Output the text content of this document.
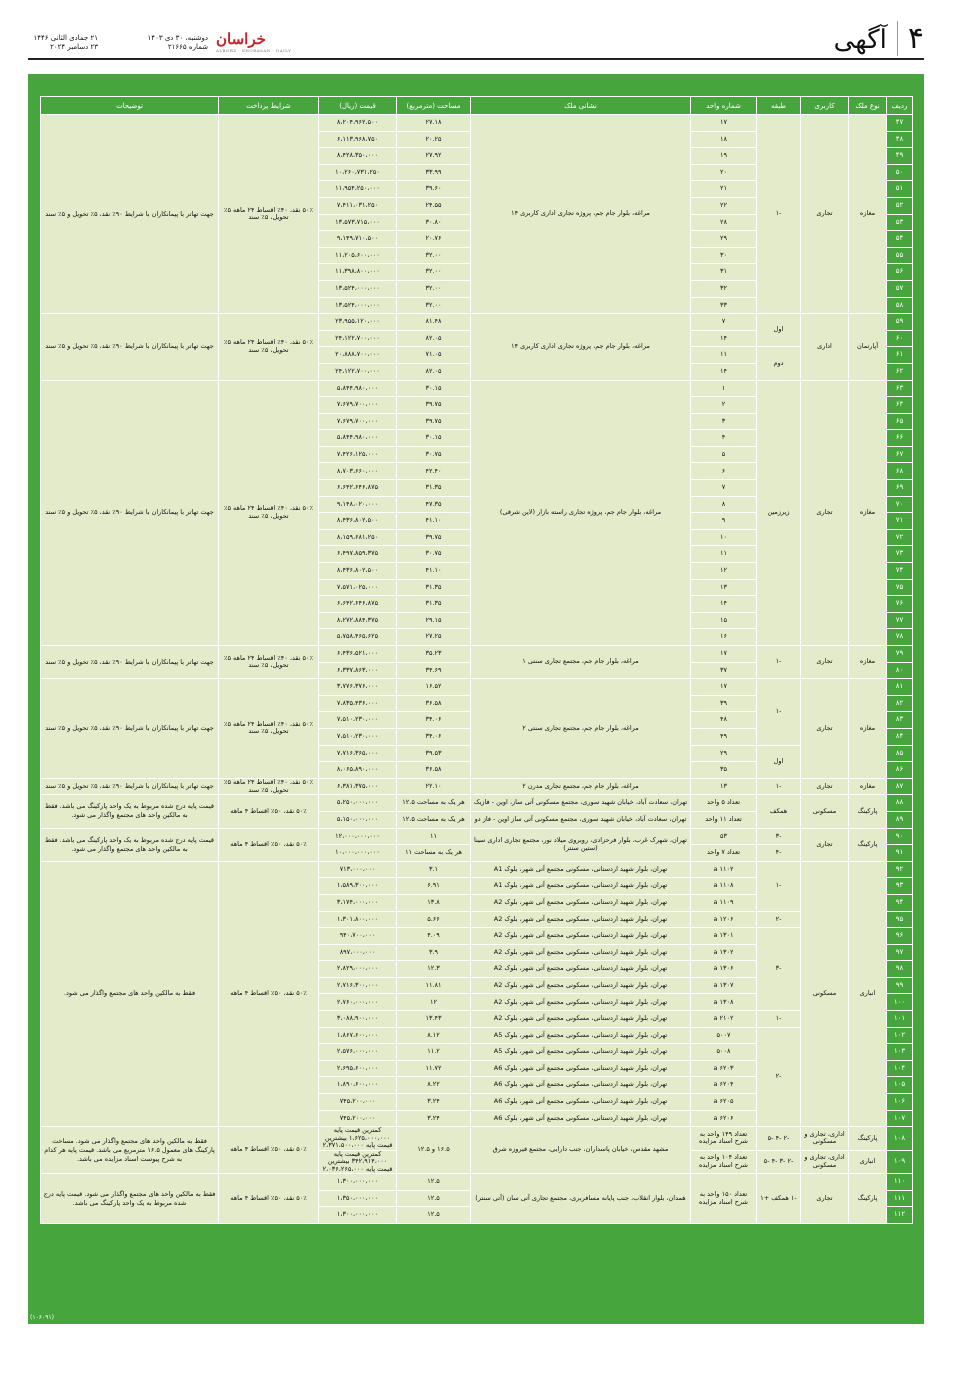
۴آگهی
خراسان
ALBORZ · KHORASAN · DAILY
دوشنبه، ۳۰ دی ۱۴۰۳
شماره ۲۱۶۶۵
۲۱ جمادی الثانی ۱۴۴۶
۲۳ دسامبر ۲۰۲۴
ردیف	نوع ملک	کاربری	طبقه	شماره واحد	نشانی ملک	مساحت (مترمربع)	قیمت (ریال)	شرایط پرداخت	توضیحات
۴۷	مغازه	تجاری	-۱	۱۷	مراغه، بلوار جام جم، پروژه تجاری اداری کاربری ۱۴	۲۷.۱۸	۸،۲۰۴،۹۶۲،۵۰۰	۵۰٪ نقد، ۴۰٪ اقساط ۲۴ ماهه ۵٪ تحویل، ۵٪ سند	جهت تهاتر با پیمانکاران با شرایط ۹۰٪ نقد، ۵٪ تحویل و ۵٪ سند
۴۸				۱۸		۲۰.۲۵	۶،۱۱۳،۹۶۸،۷۵۰		
۴۹				۱۹		۲۷.۹۲	۸،۴۲۸،۳۵۰،۰۰۰		
۵۰				۲۰		۳۳.۹۹	۱۰،۲۶۰،۷۳۱،۲۵۰		
۵۱				۲۱		۳۹.۶۰	۱۱،۹۵۴،۲۵۰،۰۰۰		
۵۲				۲۲		۲۴.۵۵	۷،۴۱۱،۰۳۱،۲۵۰		
۵۳				۲۸		۳۰.۸۰	۱۳،۵۷۳،۷۱۵،۰۰۰		
۵۴				۲۹		۲۰.۷۶	۹،۱۴۹،۷۱۰،۵۰۰		
۵۵				۳۰		۳۲.۰۰	۱۱،۲۰۵،۶۰۰،۰۰۰		
۵۶				۳۱		۳۲.۰۰	۱۱،۳۹۸،۸۰۰،۰۰۰		
۵۷				۳۲		۳۲.۰۰	۱۳،۵۲۴،۰۰۰،۰۰۰		
۵۸				۳۳		۳۲.۰۰	۱۳،۵۲۴،۰۰۰،۰۰۰		
۵۹	آپارتمان	اداری	اول	۷	مراغه، بلوار جام جم، پروژه تجاری اداری کاربری ۱۴	۸۱.۴۸	۲۳،۹۵۵،۱۲۰،۰۰۰	۵۰٪ نقد، ۴۰٪ اقساط ۲۴ ماهه ۵٪ تحویل، ۵٪ سند	جهت تهاتر با پیمانکاران با شرایط ۹۰٪ نقد، ۵٪ تحویل و ۵٪ سند
۶۰				۱۴		۸۲.۰۵	۲۴،۱۲۲،۷۰۰،۰۰۰		
۶۱			دوم	۱۱		۷۱.۰۵	۲۰،۸۸۸،۷۰۰،۰۰۰		
۶۲				۱۴		۸۲.۰۵	۲۴،۱۲۲،۷۰۰،۰۰۰		
۶۳	مغازه	تجاری	زیرزمین	۱	مراغه، بلوار جام جم، پروژه تجاری راسته بازار (لاین شرقی)	۳۰.۱۵	۵،۸۴۴،۹۸۰،۰۰۰	۵۰٪ نقد، ۴۰٪ اقساط ۲۴ ماهه ۵٪ تحویل، ۵٪ سند	جهت تهاتر با پیمانکاران با شرایط ۹۰٪ نقد، ۵٪ تحویل و ۵٪ سند
۶۴				۲		۳۹.۷۵	۷،۶۷۹،۷۰۰،۰۰۰		
۶۵				۳		۳۹.۷۵	۷،۶۷۹،۷۰۰،۰۰۰		
۶۶				۴		۳۰.۱۵	۵،۸۴۴،۹۸۰،۰۰۰		
۶۷				۵		۳۰.۷۵	۷،۴۲۶،۱۲۵،۰۰۰		
۶۸				۶		۴۲.۴۰	۸،۷۰۳،۶۶۰،۰۰۰		
۶۹				۷		۳۱.۳۵	۶،۶۴۲،۶۴۶،۸۷۵		
۷۰				۸		۴۷.۳۵	۹،۱۴۸،۰۲۰،۰۰۰		
۷۱				۹		۴۱.۱۰	۸،۴۳۶،۸۰۲،۵۰۰		
۷۲				۱۰		۳۹.۷۵	۸،۱۵۹،۶۸۱،۲۵۰		
۷۳				۱۱		۳۰.۷۵	۶،۴۹۷،۸۵۹،۳۷۵		
۷۴				۱۲		۴۱.۱۰	۸،۴۳۶،۸۰۲،۵۰۰		
۷۵				۱۳		۳۱.۳۵	۷،۵۷۱،۰۲۵،۰۰۰		
۷۶				۱۴		۳۱.۳۵	۶،۶۴۲،۶۴۶،۸۷۵		
۷۷				۱۵		۲۹.۱۵	۸،۲۷۲،۸۸۴،۳۷۵		
۷۸				۱۶		۲۷.۲۵	۵،۷۵۸،۴۶۵،۶۲۵		
۷۹	مغازه	تجاری	-۱	۱۷	مراغه، بلوار جام جم، مجتمع تجاری سنتی ۱	۳۵.۲۳	۶،۴۳۶،۵۲۱،۰۰۰	۵۰٪ نقد، ۴۰٪ اقساط ۲۴ ماهه ۵٪ تحویل، ۵٪ سند	جهت تهاتر با پیمانکاران با شرایط ۹۰٪ نقد، ۵٪ تحویل و ۵٪ سند
۸۰				۳۷		۳۴.۶۹	۶،۳۳۷،۸۶۳،۰۰۰		
۸۱	مغازه	تجاری	-۱	۱۷	مراغه، بلوار جام جم، مجتمع تجاری سنتی ۲	۱۶.۵۲	۳،۷۷۶،۳۷۶،۰۰۰	۵۰٪ نقد، ۴۰٪ اقساط ۲۴ ماهه ۵٪ تحویل، ۵٪ سند	جهت تهاتر با پیمانکاران با شرایط ۹۰٪ نقد، ۵٪ تحویل و ۵٪ سند
۸۲				۳۹		۳۶.۵۸	۷،۸۳۵،۴۳۶،۰۰۰		
۸۳				۴۸		۳۴.۰۶	۷،۵۱۰،۲۳۰،۰۰۰		
۸۴				۴۹		۳۴.۰۶	۷،۵۱۰،۲۳۰،۰۰۰		
۸۵			اول	۲۹		۳۹.۵۳	۷،۷۱۶،۳۶۵،۰۰۰		
۸۶				۳۵		۳۶.۵۸	۸،۰۶۵،۸۹۰،۰۰۰		
۸۷	مغازه	تجاری	-۱	۱۳	مراغه، بلوار جام جم، مجتمع تجاری مدرن ۲	۲۲.۱۰	۶،۳۸۱،۳۷۵،۰۰۰	۵۰٪ نقد، ۴۰٪ اقساط ۲۴ ماهه ۵٪ تحویل، ۵٪ سند	جهت تهاتر با پیمانکاران با شرایط ۹۰٪ نقد، ۵٪ تحویل و ۵٪ سند
۸۸	پارکینگ	مسکونی	همکف	تعداد ۵ واحد	تهران، سعادت آباد، خیابان شهید سوری، مجتمع مسکونی آتی ساز، اوین - فازیک	هر یک به مساحت ۱۲.۵	۵،۲۵۰،۰۰۰،۰۰۰	۵۰٪ نقد، ۵۰٪ اقساط ۴ ماهه	قیمت پایه درج شده مربوط به یک واحد پارکینگ می باشد. فقط به مالکین واحد های مجتمع واگذار می شود.
۸۹				تعداد ۱۱ واحد	تهران، سعادت آباد، خیابان شهید سوری، مجتمع مسکونی آتی ساز اوین - فاز دو	هر یک به مساحت ۱۲.۵	۵،۱۵۰،۰۰۰،۰۰۰		
۹۰	پارکینگ	تجاری	-۳	۵۳	تهران، شهرک غرب، بلوار فرحزادی، روبروی میلاد نور، مجتمع تجاری اداری سینا (ستین سنتر)	۱۱	۱۲،۰۰۰،۰۰۰،۰۰۰	۵۰٪ نقد، ۵۰٪ اقساط ۴ ماهه	قیمت پایه درج شده مربوط به یک واحد پارکینگ می باشد. فقط به مالکین واحد های مجتمع واگذار می شود.
۹۱			-۴	تعداد ۷ واحد		هر یک به مساحت ۱۱	۱۰،۰۰۰،۰۰۰،۰۰۰		
۹۲	انباری	مسکونی	-۱	a ۱۱۰۲	تهران، بلوار شهید اردستانی، مسکونی مجتمع آتی شهر، بلوک A1	۳.۱	۷۱۳،۰۰۰،۰۰۰	۵۰٪ نقد، ۵۰٪ اقساط ۴ ماهه	فقط به مالکین واحد های مجتمع واگذار می شود.
۹۳				a ۱۱۰۸	تهران، بلوار شهید اردستانی، مسکونی مجتمع آتی شهر، بلوک A1	۶.۹۱	۱،۵۸۹،۳۰۰،۰۰۰		
۹۴				a ۱۱۰۹	تهران، بلوار شهید اردستانی، مسکونی مجتمع آتی شهر، بلوک A2	۱۳.۸	۳،۱۷۴،۰۰۰،۰۰۰		
۹۵			-۲	a ۱۲۰۶	تهران، بلوار شهید اردستانی، مسکونی مجتمع آتی شهر، بلوک A2	۵.۶۶	۱،۳۰۱،۸۰۰،۰۰۰		
۹۶			-۳	a ۱۳۰۱	تهران، بلوار شهید اردستانی، مسکونی مجتمع آتی شهر، بلوک A2	۴.۰۹	۹۴۰،۷۰۰،۰۰۰		
۹۷				a ۱۳۰۲	تهران، بلوار شهید اردستانی، مسکونی مجتمع آتی شهر، بلوک A2	۳.۹	۸۹۷،۰۰۰،۰۰۰		
۹۸				a ۱۳۰۶	تهران، بلوار شهید اردستانی، مسکونی مجتمع آتی شهر، بلوک A2	۱۲.۳	۲،۸۲۹،۰۰۰،۰۰۰		
۹۹				a ۱۳۰۷	تهران، بلوار شهید اردستانی، مسکونی مجتمع آتی شهر، بلوک A2	۱۱.۸۱	۲،۷۱۶،۳۰۰،۰۰۰		
۱۰۰				a ۱۳۰۸	تهران، بلوار شهید اردستانی، مسکونی مجتمع آتی شهر، بلوک A2	۱۲	۲،۷۶۰،۰۰۰،۰۰۰		
۱۰۱			-۱	a ۲۱۰۲	تهران، بلوار شهید اردستانی، مسکونی مجتمع آتی شهر، بلوک A2	۱۳.۴۳	۳،۰۸۸،۹۰۰،۰۰۰		
۱۰۲			-۲	۵۰۰۷	تهران، بلوار شهید اردستانی، مسکونی مجتمع آتی شهر، بلوک A5	۸.۱۲	۱،۸۶۷،۶۰۰،۰۰۰		
۱۰۳				۵۰۰۸	تهران، بلوار شهید اردستانی، مسکونی مجتمع آتی شهر، بلوک A5	۱۱.۲	۲،۵۷۶،۰۰۰،۰۰۰		
۱۰۴				a ۶۲۰۳	تهران، بلوار شهید اردستانی، مسکونی مجتمع آتی شهر، بلوک A6	۱۱.۷۲	۲،۶۹۵،۶۰۰،۰۰۰		
۱۰۵				a ۶۲۰۴	تهران، بلوار شهید اردستانی، مسکونی مجتمع آتی شهر، بلوک A6	۸.۲۲	۱،۸۹۰،۶۰۰،۰۰۰		
۱۰۶				a ۶۲۰۵	تهران، بلوار شهید اردستانی، مسکونی مجتمع آتی شهر، بلوک A6	۳.۲۴	۷۴۵،۲۰۰،۰۰۰		
۱۰۷				a ۶۲۰۶	تهران، بلوار شهید اردستانی، مسکونی مجتمع آتی شهر، بلوک A6	۳.۲۴	۷۴۵،۲۰۰،۰۰۰		
۱۰۸	پارکینگ	اداری، تجاری و مسکونی	-۲ -۴ -۵	تعداد ۱۴۹ واحد به شرح اسناد مزایده	مشهد مقدس، خیابان پاسداران، جنب دارایی، مجتمع فیروزه شرق	۱۶.۵ و ۱۲.۵	کمترین قیمت پایه ۱،۶۲۵،۰۰۰،۰۰۰ بیشترین قیمت پایه ۲،۳۷۱،۵۰۰،۰۰۰	۵۰٪ نقد، ۵۰٪ اقساط ۴ ماهه	فقط به مالکین واحد های مجتمع واگذار می شود. مساحت پارکینگ های معمول ۱۶.۵ مترمربع می باشد. قیمت پایه هر کدام به شرح پیوست اسناد مزایده می باشد.
۱۰۹	انباری	اداری، تجاری و مسکونی	-۲ -۳ -۴ -۵	تعداد ۱۰۴ واحد به شرح اسناد مزایده			کمترین قیمت پایه ۳۴۲،۹۱۴،۰۰۰ بیشترین قیمت پایه ۲،۰۳۶،۲۶۵،۰۰۰		
۱۱۰	پارکینگ	تجاری	-۱ همکف +۱	تعداد ۱۵۰ واحد به شرح اسناد مزایده	همدان، بلوار انقلاب، جنب پایانه مسافربری، مجتمع تجاری آتی سان (آتی سنتر)	۱۲.۵	۱،۳۰۰،۰۰۰،۰۰۰	۵۰٪ نقد، ۵۰٪ اقساط ۴ ماهه	فقط به مالکین واحد های مجتمع واگذار می شود. قیمت پایه درج شده مربوط به یک واحد پارکینگ می باشد.
۱۱۱						۱۲.۵	۱،۳۵۰،۰۰۰،۰۰۰		
۱۱۲						۱۲.۵	۱،۳۰۰،۰۰۰،۰۰۰		
(۱۰۶۰۹۱)
